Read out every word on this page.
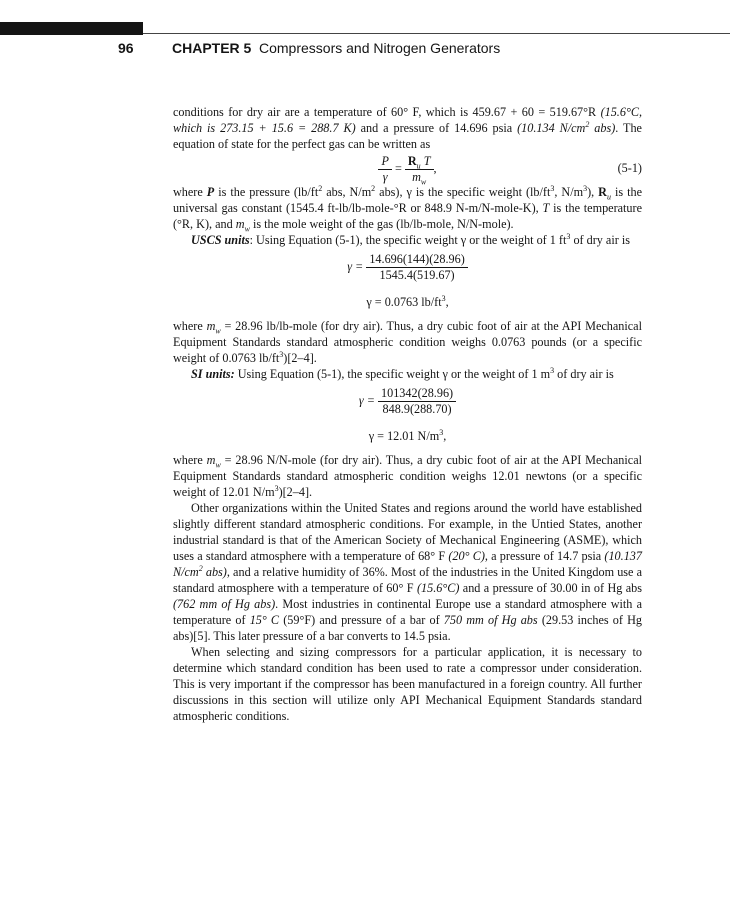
96	CHAPTER 5 Compressors and Nitrogen Generators

conditions for dry air are a temperature of 60° F, which is 459.67 + 60 = 519.67°R (15.6°C, which is 273.15 + 15.6 = 288.7 K) and a pressure of 14.696 psia (10.134 $N/cm^2$ abs). The equation of state for the perfect gas can be written as

$\frac{P}{\gamma} = \frac{R_u T}{m_w}$ ,	(5-1)

where P is the pressure ($lb/ft^2$ abs, $N/m^2$ abs), γ is the specific weight ($lb/ft^3$, $N/m^3$), $R_u$ is the universal gas constant (1545.4 ft-lb/lb-mole-°R or 848.9 N-m/N-mole-K), T is the temperature (°R, K), and $m_w$ is the mole weight of the gas (lb/lb-mole, N/N-mole).

USCS units: Using Equation (5-1), the specific weight γ or the weight of 1 $ft^3$ of dry air is

$\gamma = \frac{14.696(144)(28.96)}{1545.4(519.67)}$
γ = 0.0763 $lb/ft^3$,

where $m_w = 28.96$ lb/lb-mole (for dry air). Thus, a dry cubic foot of air at the API Mechanical Equipment Standards standard atmospheric condition weighs 0.0763 pounds (or a specific weight of 0.0763 $lb/ft^3)[2-4]$.

SI units: Using Equation (5-1), the specific weight γ or the weight of 1 $m^3$ of dry air is

$\gamma = \frac{101342(28.96)}{848.9(288.70)}$
γ = 12.01 $N/m^3$,

where $m_w = 28.96$ N/N-mole (for dry air). Thus, a dry cubic foot of air at the API Mechanical Equipment Standards standard atmospheric condition weighs 12.01 newtons (or a specific weight of 12.01 $N/m^3)[2-4]$.

Other organizations within the United States and regions around the world have established slightly different standard atmospheric conditions. For example, in the Untied States, another industrial standard is that of the American Society of Mechanical Engineering (ASME), which uses a standard atmosphere with a temperature of 68° F (20° C), a pressure of 14.7 psia (10.137 $N/cm^2$ abs), and a relative humidity of 36%. Most of the industries in the United Kingdom use a standard atmosphere with a temperature of 60° F (15.6°C) and a pressure of 30.00 in of Hg abs (762 mm of Hg abs). Most industries in continental Europe use a standard atmosphere with a temperature of 15° C (59°F) and pressure of a bar of 750 mm of Hg abs (29.53 inches of Hg abs)[5]. This later pressure of a bar converts to 14.5 psia.

When selecting and sizing compressors for a particular application, it is necessary to determine which standard condition has been used to rate a compressor under consideration. This is very important if the compressor has been manufactured in a foreign country. All further discussions in this section will utilize only API Mechanical Equipment Standards standard atmospheric conditions.
